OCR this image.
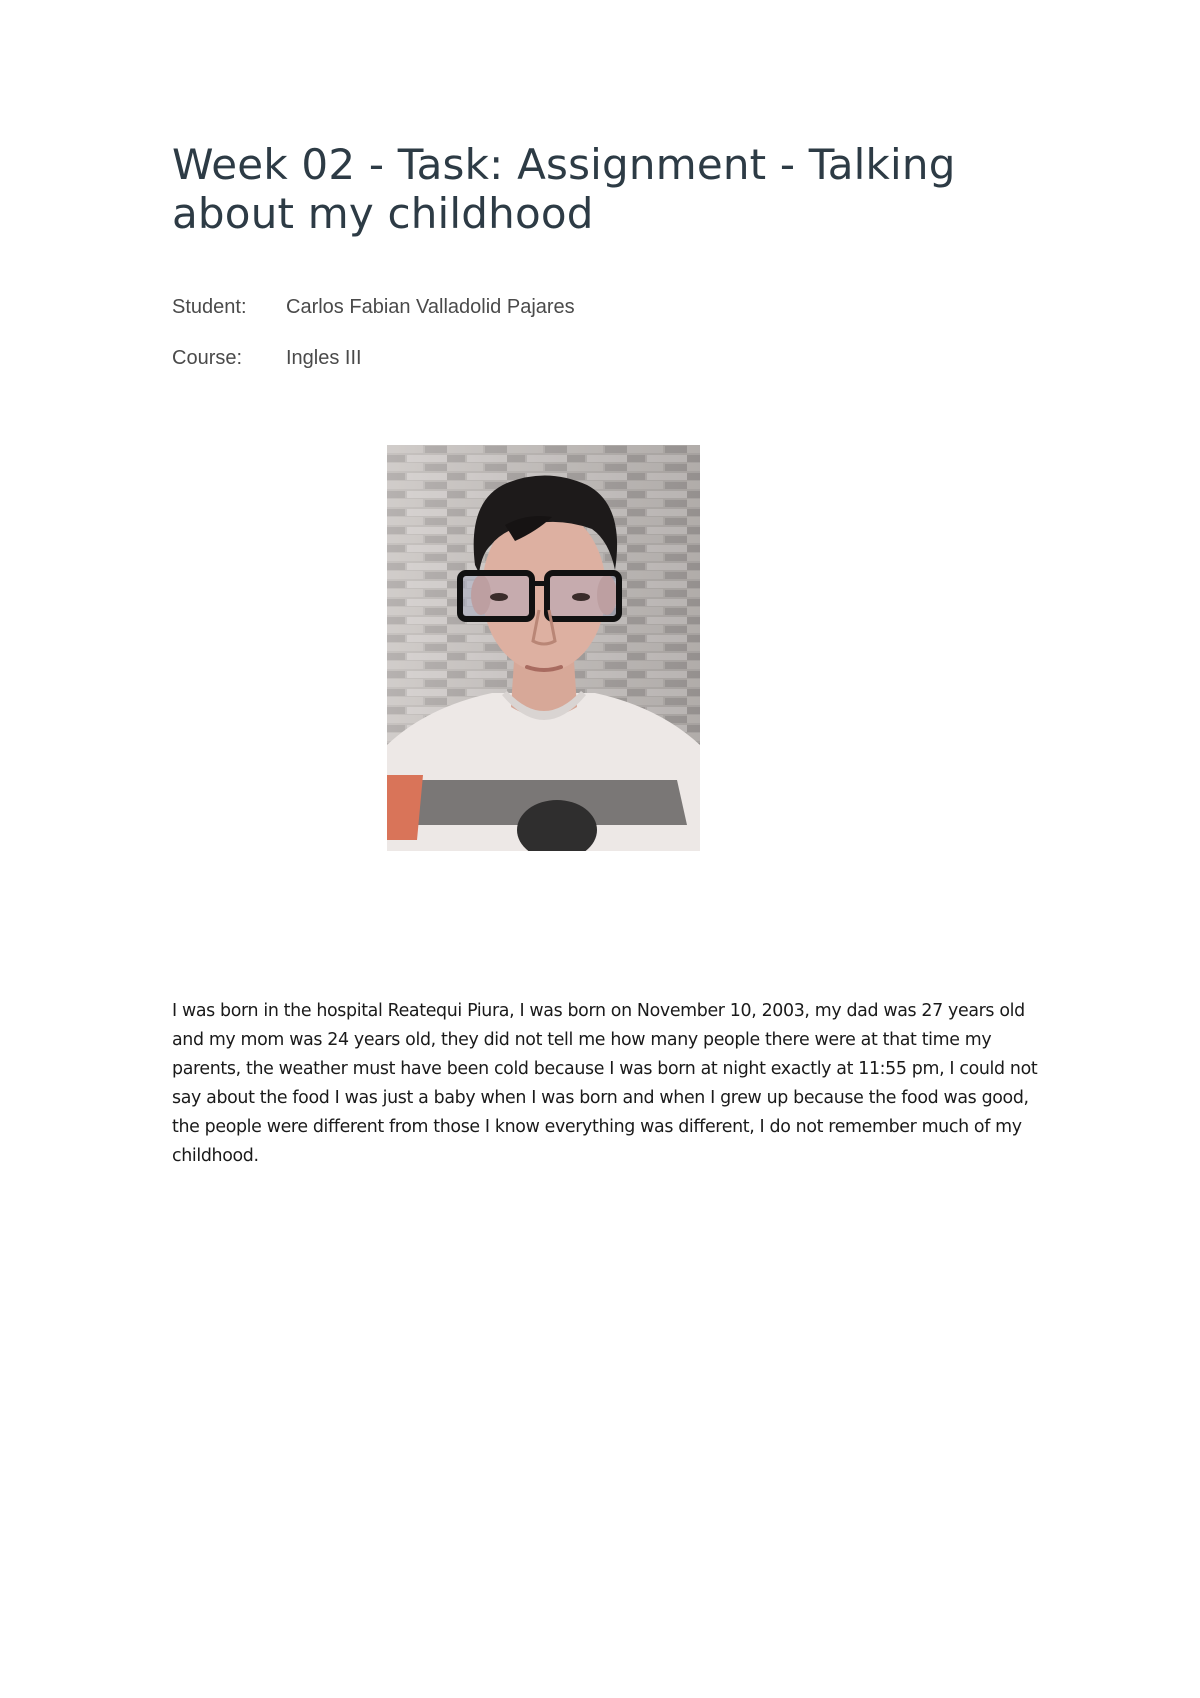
Week 02 - Task: Assignment - Talking about my childhood
Student:	Carlos Fabian Valladolid Pajares
Course:	Ingles III

I was born in the hospital Reatequi Piura, I was born on November 10, 2003, my dad was 27 years old and my mom was 24 years old, they did not tell me how many people there were at that time my parents, the weather must have been cold because I was born at night exactly at 11:55 pm, I could not say about the food I was just a baby when I was born and when I grew up because the food was good, the people were different from those I know everything was different, I do not remember much of my childhood.
